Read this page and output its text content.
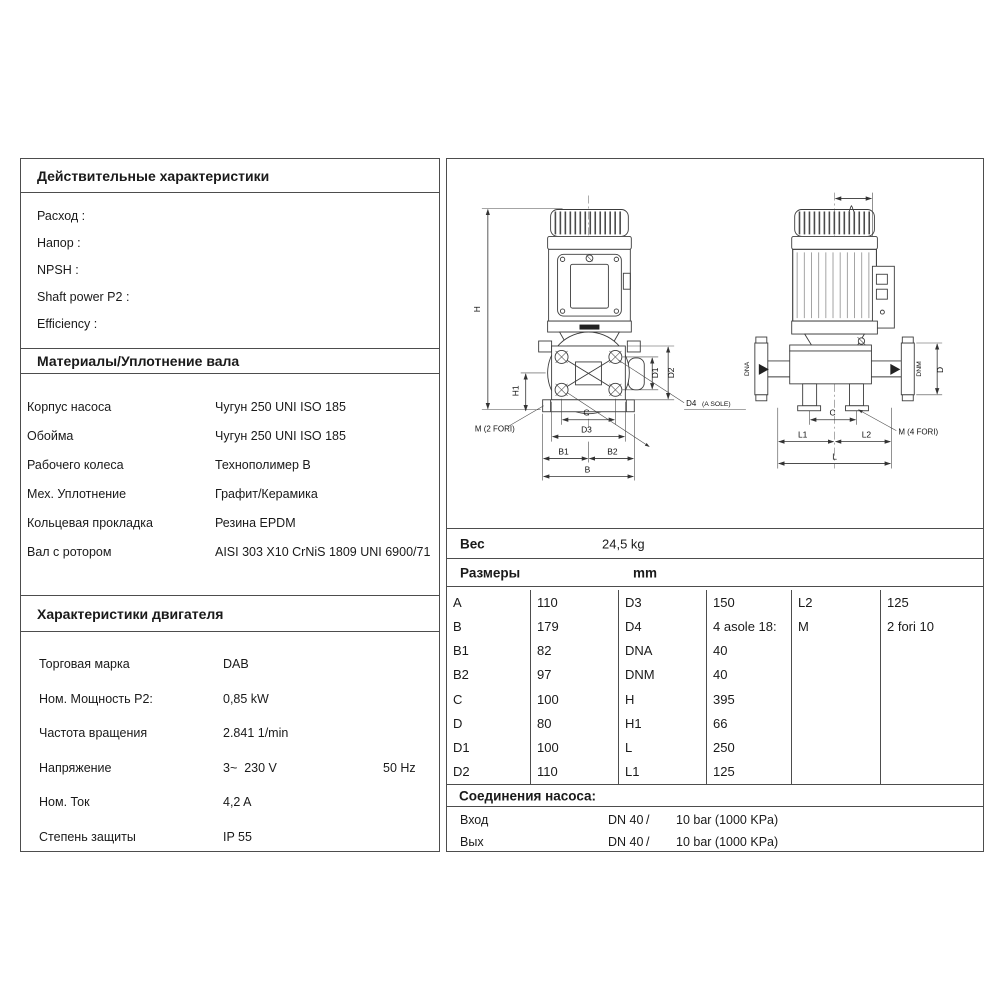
Действительные характеристики
Расход :
Напор :
NPSH :
Shaft power P2 :
Efficiency :
Материалы/Уплотнение вала
Корпус насоса	Чугун 250 UNI ISO 185
Обойма	Чугун 250 UNI ISO 185
Рабочего колеса	Технополимер B
Мех. Уплотнение	Графит/Керамика
Кольцевая прокладка	Резина EPDM
Вал с ротором	AISI 303 X10 CrNiS 1809 UNI 6900/71
Характеристики двигателя
Торговая марка	DAB
Ном. Мощность P2:	0,85 kW
Частота вращения	2.841 1/min
Напряжение	3~  230 V	50 Hz
Ном. Ток	4,2 A
Степень защиты	IP 55
H
H1
D1 D2
C
D3
B1	B2
B
M (2 FORI)
D4 (A SOLE)
A
DNA	DNM D
C
L1	L2
L
M (4 FORI)
Вес	24,5 kg
Размеры	mm
A	110	D3	150	L2	125
B	179	D4	4 asole 18:	M	2 fori 10
B1	82	DNA	40
B2	97	DNM	40
C	100	H	395
D	80	H1	66
D1	100	L	250
D2	110	L1	125
Соединения насоса:
Вход	DN 40 / 10 bar (1000 KPa)
Вых	DN 40 / 10 bar (1000 KPa)
